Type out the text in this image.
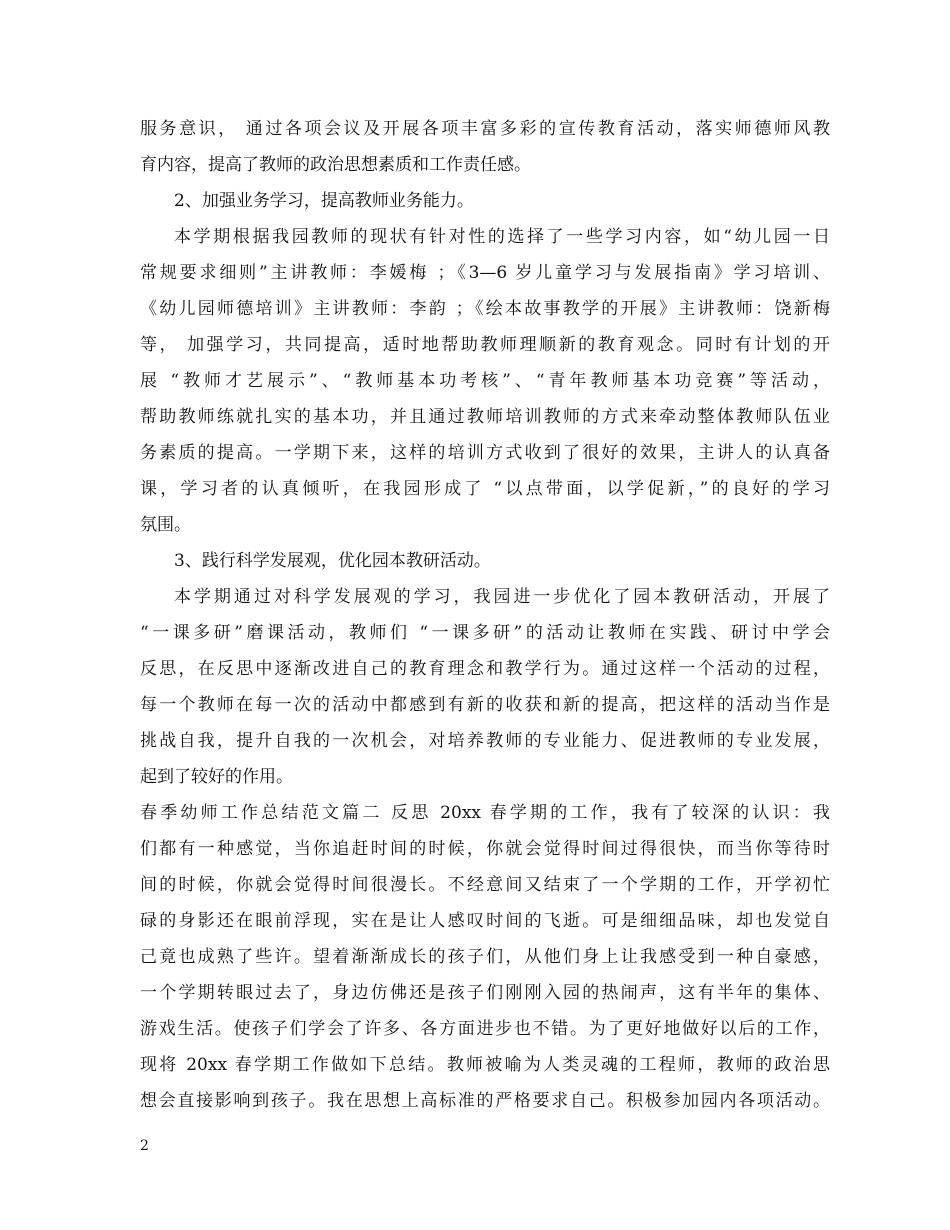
服务意识， 通过各项会议及开展各项丰富多彩的宣传教育活动，落实师德师风教
育内容，提高了教师的政治思想素质和工作责任感。
2、加强业务学习，提高教师业务能力。
本学期根据我园教师的现状有针对性的选择了一些学习内容，如“幼儿园一日
常规要求细则”主讲教师：李媛梅 ；《3—6 岁儿童学习与发展指南》学习培训、
《幼儿园师德培训》主讲教师：李韵 ；《绘本故事教学的开展》主讲教师：饶新梅
等， 加强学习，共同提高，适时地帮助教师理顺新的教育观念。同时有计划的开
展 “教师才艺展示”、“教师基本功考核”、“青年教师基本功竞赛”等活动，
帮助教师练就扎实的基本功，并且通过教师培训教师的方式来牵动整体教师队伍业
务素质的提高。一学期下来，这样的培训方式收到了很好的效果，主讲人的认真备
课，学习者的认真倾听，在我园形成了 “以点带面，以学促新，”的良好的学习
氛围。
3、践行科学发展观，优化园本教研活动。
本学期通过对科学发展观的学习，我园进一步优化了园本教研活动，开展了
“一课多研”磨课活动，教师们 “一课多研”的活动让教师在实践、研讨中学会
反思，在反思中逐渐改进自己的教育理念和教学行为。通过这样一个活动的过程，
每一个教师在每一次的活动中都感到有新的收获和新的提高，把这样的活动当作是
挑战自我，提升自我的一次机会，对培养教师的专业能力、促进教师的专业发展，
起到了较好的作用。
春季幼师工作总结范文篇二 反思 20xx 春学期的工作，我有了较深的认识：我
们都有一种感觉，当你追赶时间的时候，你就会觉得时间过得很快，而当你等待时
间的时候，你就会觉得时间很漫长。不经意间又结束了一个学期的工作，开学初忙
碌的身影还在眼前浮现，实在是让人感叹时间的飞逝。可是细细品味，却也发觉自
己竟也成熟了些许。望着渐渐成长的孩子们，从他们身上让我感受到一种自豪感，
一个学期转眼过去了，身边仿佛还是孩子们刚刚入园的热闹声，这有半年的集体、
游戏生活。使孩子们学会了许多、各方面进步也不错。为了更好地做好以后的工作，
现将 20xx 春学期工作做如下总结。教师被喻为人类灵魂的工程师，教师的政治思
想会直接影响到孩子。我在思想上高标准的严格要求自己。积极参加园内各项活动。
2
